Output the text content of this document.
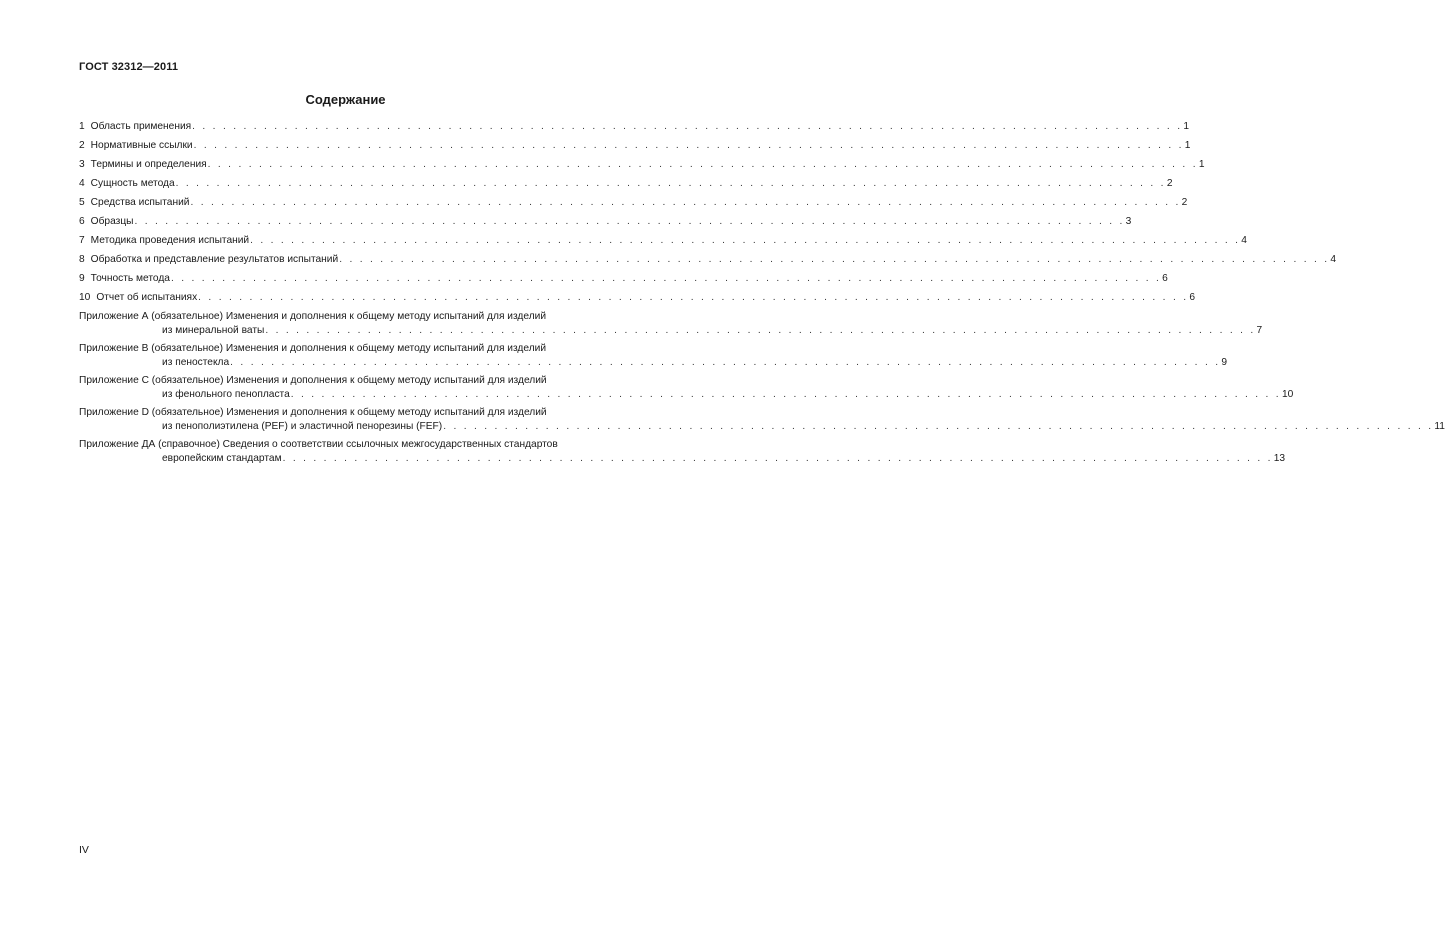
ГОСТ 32312—2011
Содержание
1 Область применения . . . . . . . . . . . . . . . . . . . . . . . . . . . . . . . . . . . . . . . . . . . . . . . . . . . . . . . . . . . . . . . . . . . . . . . . . . . . . . . . . . . . . . . . . . . . . . . . . 1
2 Нормативные ссылки . . . . . . . . . . . . . . . . . . . . . . . . . . . . . . . . . . . . . . . . . . . . . . . . . . . . . . . . . . . . . . . . . . . . . . . . . . . . . . . . . . . . . . . . . . . . . . . . . 1
3 Термины и определения . . . . . . . . . . . . . . . . . . . . . . . . . . . . . . . . . . . . . . . . . . . . . . . . . . . . . . . . . . . . . . . . . . . . . . . . . . . . . . . . . . . . . . . . . . . . . . . . . 1
4 Сущность метода . . . . . . . . . . . . . . . . . . . . . . . . . . . . . . . . . . . . . . . . . . . . . . . . . . . . . . . . . . . . . . . . . . . . . . . . . . . . . . . . . . . . . . . . . . . . . . . . . 2
5 Средства испытаний . . . . . . . . . . . . . . . . . . . . . . . . . . . . . . . . . . . . . . . . . . . . . . . . . . . . . . . . . . . . . . . . . . . . . . . . . . . . . . . . . . . . . . . . . . . . . . . . . 2
6 Образцы . . . . . . . . . . . . . . . . . . . . . . . . . . . . . . . . . . . . . . . . . . . . . . . . . . . . . . . . . . . . . . . . . . . . . . . . . . . . . . . . . . . . . . . . . . . . . . . . . 3
7 Методика проведения испытаний . . . . . . . . . . . . . . . . . . . . . . . . . . . . . . . . . . . . . . . . . . . . . . . . . . . . . . . . . . . . . . . . . . . . . . . . . . . . . . . . . . . . . . . . . . . . . . . . . 4
8 Обработка и представление результатов испытаний . . . . . . . . . . . . . . . . . . . . . . . . . . . . . . . . . . . . . . . . . . . . . . . . . . . . . . . . . . . . . . . . . . . . . . . . . . . . . . . . . . . . . . . . . . . . . . . . . 4
9 Точность метода . . . . . . . . . . . . . . . . . . . . . . . . . . . . . . . . . . . . . . . . . . . . . . . . . . . . . . . . . . . . . . . . . . . . . . . . . . . . . . . . . . . . . . . . . . . . . . . . . 6
10 Отчет об испытаниях . . . . . . . . . . . . . . . . . . . . . . . . . . . . . . . . . . . . . . . . . . . . . . . . . . . . . . . . . . . . . . . . . . . . . . . . . . . . . . . . . . . . . . . . . . . . . . . . . 6
Приложение А (обязательное) Изменения и дополнения к общему методу испытаний для изделий
из минеральной ваты . . . . . . . . . . . . . . . . . . . . . . . . . . . . . . . . . . . . . . . . . . . . . . . . . . . . . . . . . . . . . . . . . . . . . . . . . . . . . . . . . . . . . . . . . . . . . . . . . 7
Приложение В (обязательное) Изменения и дополнения к общему методу испытаний для изделий
из пеностекла . . . . . . . . . . . . . . . . . . . . . . . . . . . . . . . . . . . . . . . . . . . . . . . . . . . . . . . . . . . . . . . . . . . . . . . . . . . . . . . . . . . . . . . . . . . . . . . . . 9
Приложение С (обязательное) Изменения и дополнения к общему методу испытаний для изделий
из фенольного пенопласта . . . . . . . . . . . . . . . . . . . . . . . . . . . . . . . . . . . . . . . . . . . . . . . . . . . . . . . . . . . . . . . . . . . . . . . . . . . . . . . . . . . . . . . . . . . . . . . . . 10
Приложение D (обязательное) Изменения и дополнения к общему методу испытаний для изделий
из пенополиэтилена (PEF) и эластичной пенорезины (FEF) . . . . . . . . . . . . . . . . . . . . . . . . . . . . . . . . . . . . . . . . . . . . . . . . . . . . . . . . . . . . . . . . . . . . . . . . . . . . . . . . . . . . . . . . . . . . . . . . . 11
Приложение ДА (справочное) Сведения о соответствии ссылочных межгосударственных стандартов
европейским стандартам . . . . . . . . . . . . . . . . . . . . . . . . . . . . . . . . . . . . . . . . . . . . . . . . . . . . . . . . . . . . . . . . . . . . . . . . . . . . . . . . . . . . . . . . . . . . . . . . . 13
IV
